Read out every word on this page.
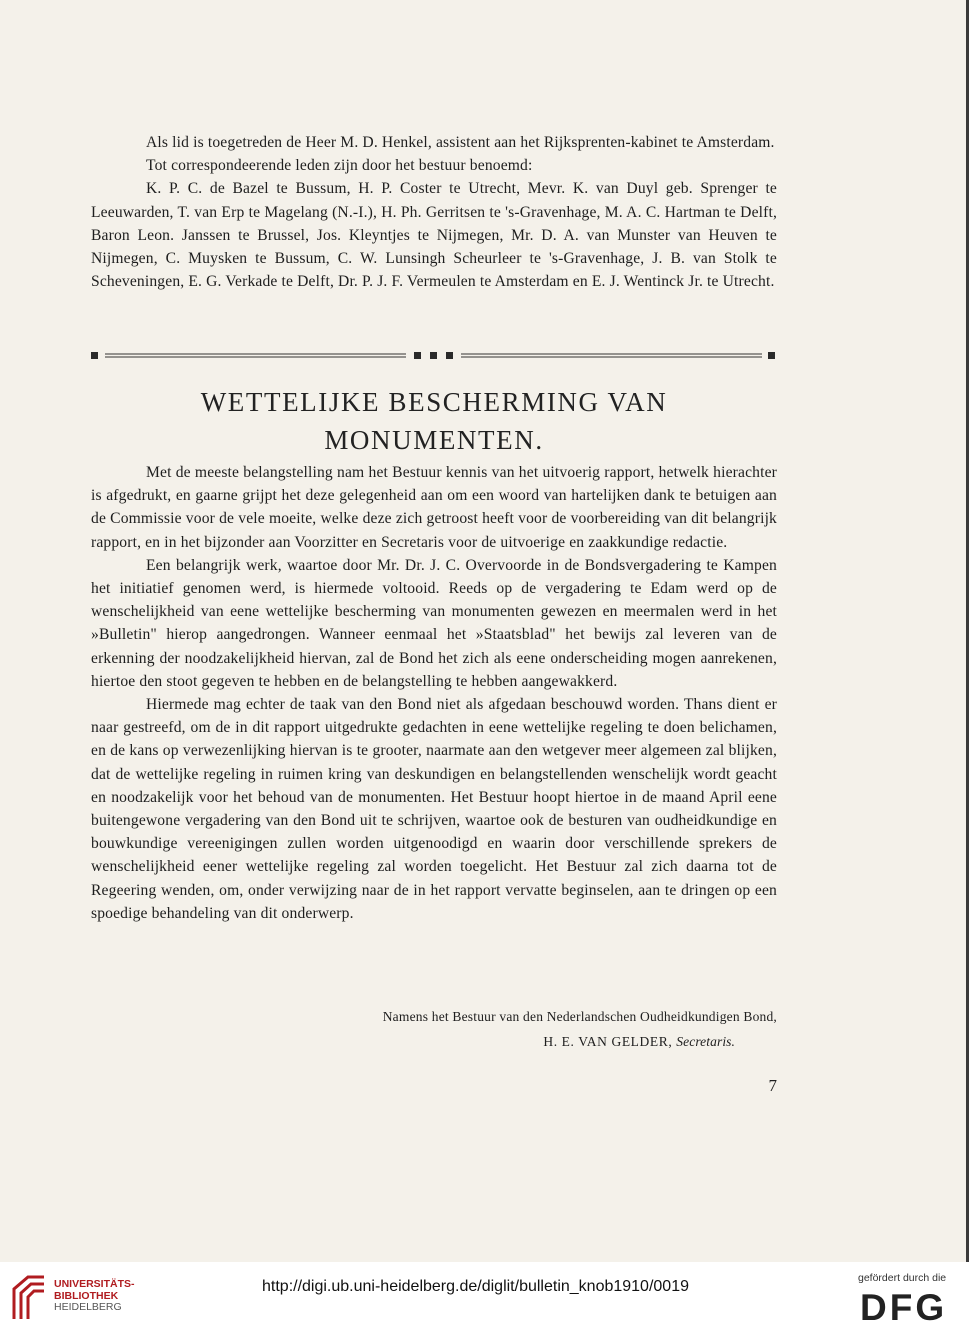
Als lid is toegetreden de Heer M. D. Henkel, assistent aan het Rijksprenten-kabinet te Amsterdam.

Tot correspondeerende leden zijn door het bestuur benoemd:

K. P. C. de Bazel te Bussum, H. P. Coster te Utrecht, Mevr. K. van Duyl geb. Sprenger te Leeuwarden, T. van Erp te Magelang (N.-I.), H. Ph. Gerritsen te 's-Gravenhage, M. A. C. Hartman te Delft, Baron Leon. Janssen te Brussel, Jos. Kleyntjes te Nijmegen, Mr. D. A. van Munster van Heuven te Nijmegen, C. Muysken te Bussum, C. W. Lunsingh Scheurleer te 's-Gravenhage, J. B. van Stolk te Scheveningen, E. G. Verkade te Delft, Dr. P. J. F. Vermeulen te Amsterdam en E. J. Wentinck Jr. te Utrecht.

WETTELIJKE BESCHERMING VAN
MONUMENTEN.

Met de meeste belangstelling nam het Bestuur kennis van het uitvoerig rapport, hetwelk hierachter is afgedrukt, en gaarne grijpt het deze gelegenheid aan om een woord van hartelijken dank te betuigen aan de Commissie voor de vele moeite, welke deze zich getroost heeft voor de voorbereiding van dit belangrijk rapport, en in het bijzonder aan Voorzitter en Secretaris voor de uitvoerige en zaakkundige redactie.

Een belangrijk werk, waartoe door Mr. Dr. J. C. Overvoorde in de Bondsvergadering te Kampen het initiatief genomen werd, is hiermede voltooid. Reeds op de vergadering te Edam werd op de wenschelijkheid van eene wettelijke bescherming van monumenten gewezen en meermalen werd in het »Bulletin" hierop aangedrongen. Wanneer eenmaal het »Staatsblad" het bewijs zal leveren van de erkenning der noodzakelijkheid hiervan, zal de Bond het zich als eene onderscheiding mogen aanrekenen, hiertoe den stoot gegeven te hebben en de belangstelling te hebben aangewakkerd.

Hiermede mag echter de taak van den Bond niet als afgedaan beschouwd worden. Thans dient er naar gestreefd, om de in dit rapport uitgedrukte gedachten in eene wettelijke regeling te doen belichamen, en de kans op verwezenlijking hiervan is te grooter, naarmate aan den wetgever meer algemeen zal blijken, dat de wettelijke regeling in ruimen kring van deskundigen en belangstellenden wenschelijk wordt geacht en noodzakelijk voor het behoud van de monumenten. Het Bestuur hoopt hiertoe in de maand April eene buitengewone vergadering van den Bond uit te schrijven, waartoe ook de besturen van oudheidkundige en bouwkundige vereenigingen zullen worden uitgenoodigd en waarin door verschillende sprekers de wenschelijkheid eener wettelijke regeling zal worden toegelicht. Het Bestuur zal zich daarna tot de Regeering wenden, om, onder verwijzing naar de in het rapport vervatte beginselen, aan te dringen op een spoedige behandeling van dit onderwerp.

Namens het Bestuur van den Nederlandschen Oudheidkundigen Bond,
H. E. VAN GELDER, Secretaris.
7
UNIVERSITÄTS-
BIBLIOTHEK
HEIDELBERG
http://digi.ub.uni-heidelberg.de/diglit/bulletin_knob1910/0019	gefördert durch die
DFG
